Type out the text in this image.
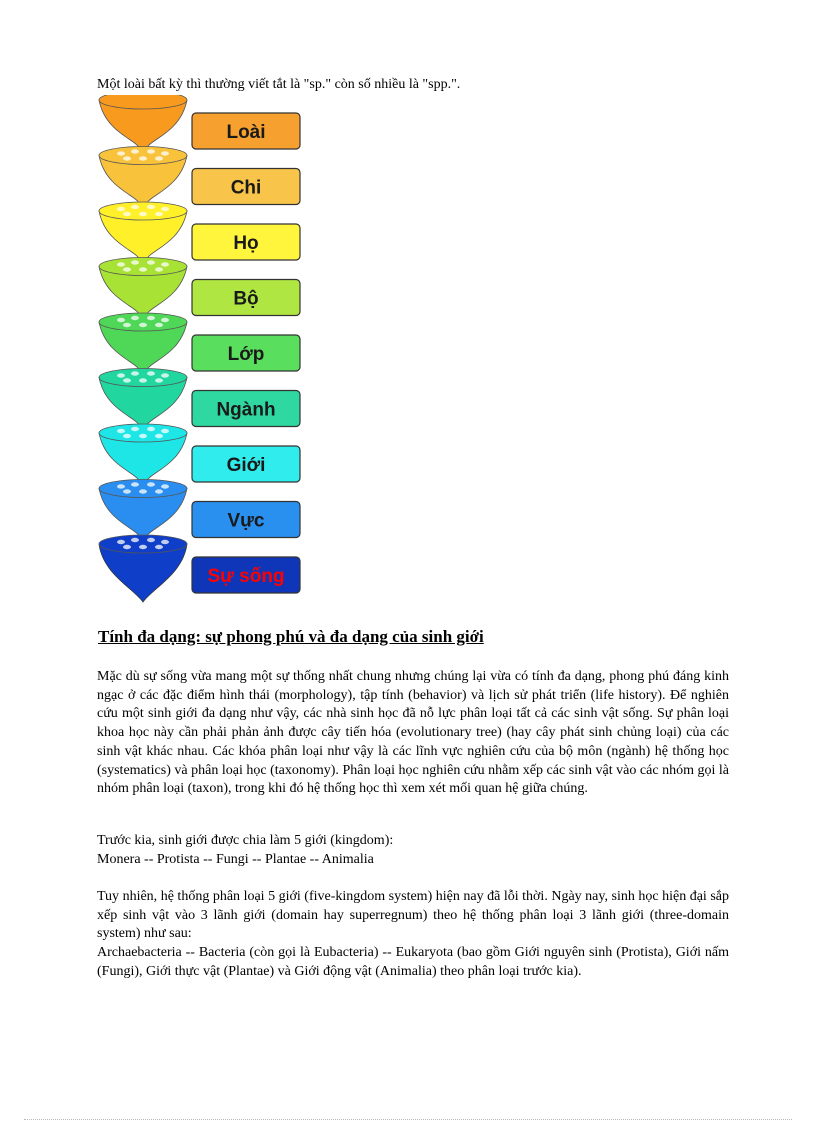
Một loài bất kỳ thì thường viết tắt là "sp." còn số nhiều là "spp.".
Loài
Chi
Họ
Bộ
Lớp
Ngành
Giới
Vực
Sự sống
Tính đa dạng: sự phong phú và đa dạng của sinh giới

Mặc dù sự sống vừa mang một sự thống nhất chung nhưng chúng lại vừa có tính đa dạng, phong phú đáng kinh ngạc ở các đặc điểm hình thái (morphology), tập tính (behavior) và lịch sử phát triển (life history). Để nghiên cứu một sinh giới đa dạng như vậy, các nhà sinh học đã nỗ lực phân loại tất cả các sinh vật sống. Sự phân loại khoa học này cần phải phản ảnh được cây tiến hóa (evolutionary tree) (hay cây phát sinh chủng loại) của các sinh vật khác nhau. Các khóa phân loại như vậy là các lĩnh vực nghiên cứu của bộ môn (ngành) hệ thống học (systematics) và phân loại học (taxonomy). Phân loại học nghiên cứu nhằm xếp các sinh vật vào các nhóm gọi là nhóm phân loại (taxon), trong khi đó hệ thống học thì xem xét mối quan hệ giữa chúng.

Trước kia, sinh giới được chia làm 5 giới (kingdom):

Monera -- Protista -- Fungi -- Plantae -- Animalia

Tuy nhiên, hệ thống phân loại 5 giới (five-kingdom system) hiện nay đã lỗi thời. Ngày nay, sinh học hiện đại sắp xếp sinh vật vào 3 lãnh giới (domain hay superregnum) theo hệ thống phân loại 3 lãnh giới (three-domain system) như sau:

Archaebacteria -- Bacteria (còn gọi là Eubacteria) -- Eukaryota (bao gồm Giới nguyên sinh (Protista), Giới nấm (Fungi), Giới thực vật (Plantae) và Giới động vật (Animalia) theo phân loại trước kia).
